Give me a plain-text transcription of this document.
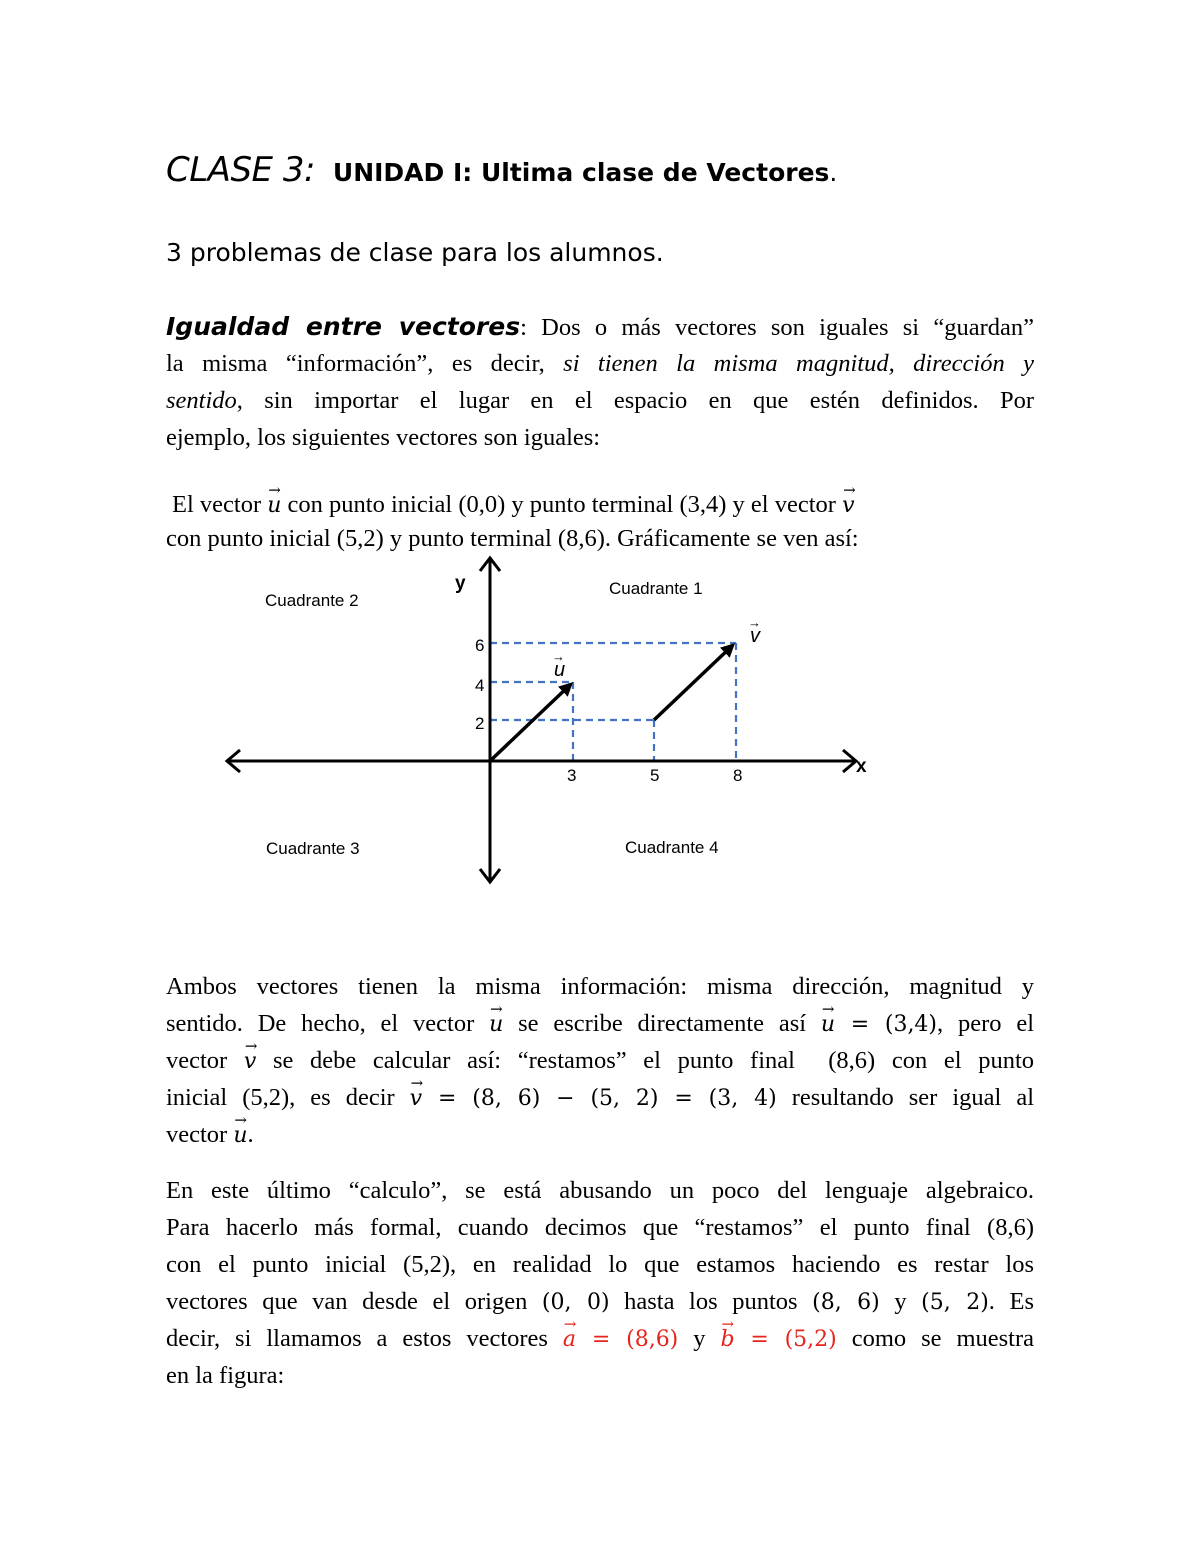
CLASE 3: UNIDAD I: Ultima clase de Vectores.
3 problemas de clase para los alumnos.
Igualdad entre vectores: Dos o más vectores son iguales si “guardan”
la misma “información”, es decir, si tienen la misma magnitud, dirección y
sentido, sin importar el lugar en el espacio en que estén definidos. Por
ejemplo, los siguientes vectores son iguales:
El vector → u con punto inicial (0,0) y punto terminal (3,4) y el vector → v
con punto inicial (5,2) y punto terminal (8,6). Gráficamente se ven así:
y
x
Cuadrante 2
Cuadrante 1
Cuadrante 3	Cuadrante 4
6
4
2
3	5	8
u
→
v
→
Ambos vectores tienen la misma información: misma dirección, magnitud y
sentido. De hecho, el vector → u se escribe directamente así → u = (3,4), pero el
vector → v se debe calcular así: “restamos” el punto final (8,6) con el punto
inicial (5,2), es decir → v = (8, 6) − (5, 2) = (3, 4) resultando ser igual al
vector → u.
En este último “calculo”, se está abusando un poco del lenguaje algebraico.
Para hacerlo más formal, cuando decimos que “restamos” el punto final (8,6)
con el punto inicial (5,2), en realidad lo que estamos haciendo es restar los
vectores que van desde el origen (0, 0) hasta los puntos (8, 6) y (5, 2). Es
decir, si llamamos a estos vectores → a = (8,6) y → b = (5,2) como se muestra
en la figura:
